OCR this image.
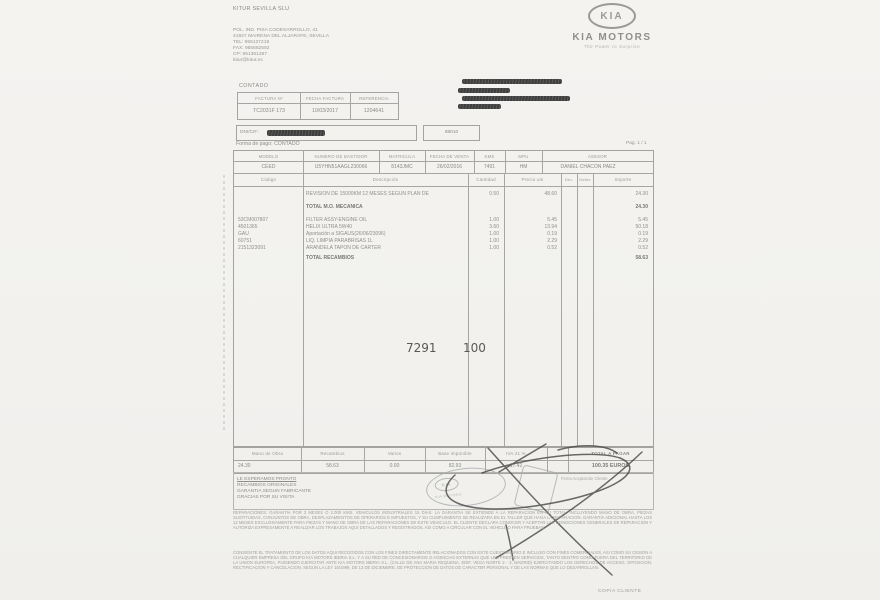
KITUR SEVILLA SLU
POL. IND. PISA CODESARROLLO, 41
41927 MAIRENA DEL ALJARAFE, SEVILLA
TEL: 955127218
FAX: 955682592
CP: 951361297
kitur@kitur.es
KIA
KIA MOTORS
The Power to Surprise
CONTADO
FACTURA Nº	FECHA FACTURA	REFERENCIA
TC2031F 173	10/03/2017	1204641
DNI/CIF:	88010
Forma de pago: CONTADO	Pag. 1 / 1
MODELO	NUMERO DE BASTIDOR	MATRICULA	FECHA DE VENTA	KMS	MPU	ASESOR
CEED	U5YHN51AAGL230066	8143JMC	26/02/2016	7491	HM	DANIEL CHACON PAEZ
Código	Descripción	Cantidad	Precio uni	Dto.	Defec	Importe
REVISION DE 15000KM 12 MESES SEGUN PLAN DE	0.50	48.60	24.30
TOTAL M.O. MECANICA	24.30
53CM007807	FILTER ASSY-ENGINE OIL	1.00	5.45	5.45
4501365	HELIX ULTRA 5W40	3.60	13.94	50.18
GAU	Aportación a SIGAUS(26/06/23096)	1.00	0.19	0.19
60751	LIQ. LIMPIA PARABRISAS 1L	1.00	2.29	2.29
2151323091	ARANDELA TAPON DE CARTER	1.00	0.52	0.52
TOTAL RECAMBIOS	58.63
7291 100
Mano de Obra	Recambios	Varios	Base imponible	IVA 21 %	TOTAL A PAGAR
24.30	58.63	0.00	82.93	17.42	100.35 EUROS
LE ESPERAMOS PRONTO
RECAMBIOS ORIGINALES
GARANTIA SEGUN FABRICANTE
GRACIAS POR SU VISITA
Firma Aceptación Cliente
KIA
KIA MOTORS
REPARACIONES: GARANTIA POR 3 MESES O 2.000 KMS. VEHICULOS INDUSTRIALES 15 DIAS. LA GARANTIA SE EXTIENDE A LA REPARACION EN SU TOTAL, INCLUYENDO MANO DE OBRA, PIEZAS SUSTITUIDAS, CONJUNTOS DE OBRA, DESPLAZAMIENTOS DE OPERARIOS E IMPUESTOS, Y SU CUMPLIMIENTO SE REALIZARA EN EL TALLER QUE HAGA LA REPARACION. GARANTIA ADICIONAL HASTA LOS 12 MESES EXCLUSIVAMENTE PARA PIEZAS Y MANO DE OBRA DE LAS REPARACIONES DE ESTE VEHICULO. EL CLIENTE DECLARA CONOCER Y ACEPTAR LAS CONDICIONES GENERALES DE REPARACION Y AUTORIZA EXPRESAMENTE A REALIZAR LOS TRABAJOS AQUI DETALLADOS Y REGISTRADOS, ASI COMO A CIRCULAR CON EL VEHICULO PARA PRUEBAS.
CONSIENTE EL TRATAMIENTO DE LOS DATOS AQUI RECOGIDOS CON LOS FINES DIRECTAMENTE RELACIONADOS CON ESTE CUESTIONARIO E INCLUSO CON FINES COMERCIALES, ASI COMO SU CESION A CUALQUIER EMPRESA DEL GRUPO KIA MOTORS IBERIA S.L. Y A SU RED DE CONCESIONARIOS O AGENCIAS EXTERNAS QUE LES PRESTEN SERVICIOS, TANTO DENTRO COMO FUERA DEL TERRITORIO DE LA UNION EUROPEA, PUDIENDO EJERCITAR ANTE KIA MOTORS IBERIA S.L. (CALLE DE ANA MARIA REQUENA, EDIF. VEGA NORTE 2 - 3, MADRID) EJERCITANDO LOS DERECHOS DE ACCESO, OPOSICION, RECTIFICACION Y CANCELACION, SEGUN LA LEY 15/1999, DE 13 DE DICIEMBRE, DE PROTECCION DE DATOS DE CARACTER PERSONAL Y DE LAS NORMAS QUE LO DESARROLLAN.
COPIA CLIENTE
